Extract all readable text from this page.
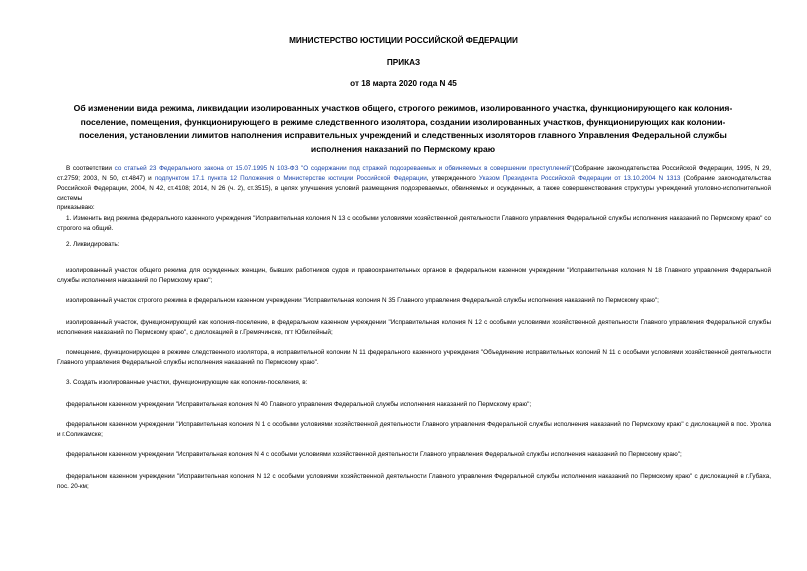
МИНИСТЕРСТВО ЮСТИЦИИ РОССИЙСКОЙ ФЕДЕРАЦИИ
ПРИКАЗ
от 18 марта 2020 года N 45
Об изменении вида режима, ликвидации изолированных участков общего, строгого режимов, изолированного участка, функционирующего как колония-поселение, помещения, функционирующего в режиме следственного изолятора, создании изолированных участков, функционирующих как колонии-поселения, установлении лимитов наполнения исправительных учреждений и следственных изоляторов главного Управления Федеральной службы исполнения наказаний по Пермскому краю
В соответствии со статьей 23 Федерального закона от 15.07.1995 N 103-ФЗ "О содержании под стражей подозреваемых и обвиняемых в совершении преступлений"(Собрание законодательства Российской Федерации, 1995, N 29, ст.2759; 2003, N 50, ст.4847) и подпунктом 17.1 пункта 12 Положения о Министерстве юстиции Российской Федерации, утвержденного Указом Президента Российской Федерации от 13.10.2004 N 1313 (Собрание законодательства Российской Федерации, 2004, N 42, ст.4108; 2014, N 26 (ч. 2), ст.3515), в целях улучшения условий размещения подозреваемых, обвиняемых и осужденных, а также совершенствования структуры учреждений уголовно-исполнительной системы
приказываю:
1. Изменить вид режима федерального казенного учреждения "Исправительная колония N 13 с особыми условиями хозяйственной деятельности Главного управления Федеральной службы исполнения наказаний по Пермскому краю" со строгого на общий.
2. Ликвидировать:
изолированный участок общего режима для осужденных женщин, бывших работников судов и правоохранительных органов в федеральном казенном учреждении "Исправительная колония N 18 Главного управления Федеральной службы исполнения наказаний по Пермскому краю";
изолированный участок строгого режима в федеральном казенном учреждении "Исправительная колония N 35 Главного управления Федеральной службы исполнения наказаний по Пермскому краю";
изолированный участок, функционирующий как колония-поселение, в федеральном казенном учреждении "Исправительная колония N 12 с особыми условиями хозяйственной деятельности Главного управления Федеральной службы исполнения наказаний по Пермскому краю", с дислокацией в г.Гремячинске, пгт Юбилейный;
помещение, функционирующее в режиме следственного изолятора, в исправительной колонии N 11 федерального казенного учреждения "Объединение исправительных колоний N 11 с особыми условиями хозяйственной деятельности Главного управления Федеральной службы исполнения наказаний по Пермскому краю".
3. Создать изолированные участки, функционирующие как колонии-поселения, в:
федеральном казенном учреждении "Исправительная колония N 40 Главного управления Федеральной службы исполнения наказаний по Пермскому краю";
федеральном казенном учреждении "Исправительная колония N 1 с особыми условиями хозяйственной деятельности Главного управления Федеральной службы исполнения наказаний по Пермскому краю" с дислокацией в пос. Уролка и г.Соликамске;
федеральном казенном учреждении "Исправительная колония N 4 с особыми условиями хозяйственной деятельности Главного управления Федеральной службы исполнения наказаний по Пермскому краю";
федеральном казенном учреждении "Исправительная колония N 12 с особыми условиями хозяйственной деятельности Главного управления Федеральной службы исполнения наказаний по Пермскому краю" с дислокацией в г.Губаха, пос. 20-км;
